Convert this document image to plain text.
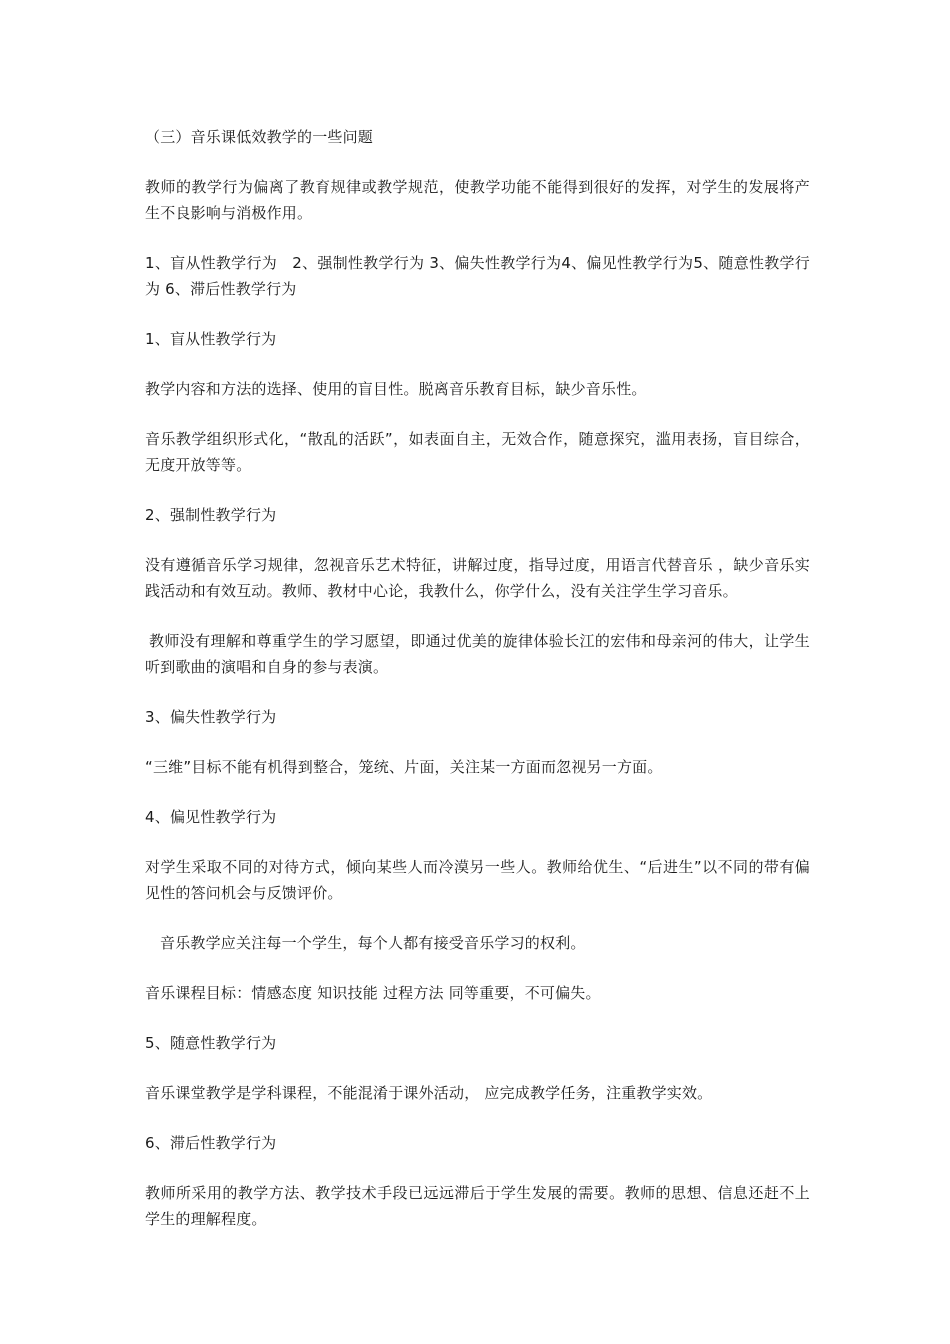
（三）音乐课低效教学的一些问题

教师的教学行为偏离了教育规律或教学规范，使教学功能不能得到很好的发挥，对学生的发展将产生不良影响与消极作用。

1、盲从性教学行为　2、强制性教学行为 3、偏失性教学行为4、偏见性教学行为5、随意性教学行为 6、滞后性教学行为

1、盲从性教学行为

教学内容和方法的选择、使用的盲目性。脱离音乐教育目标，缺少音乐性。

音乐教学组织形式化，“散乱的活跃”，如表面自主，无效合作，随意探究，滥用表扬，盲目综合，无度开放等等。

2、强制性教学行为

没有遵循音乐学习规律，忽视音乐艺术特征，讲解过度，指导过度，用语言代替音乐 ，缺少音乐实践活动和有效互动。教师、教材中心论，我教什么，你学什么，没有关注学生学习音乐。

教师没有理解和尊重学生的学习愿望，即通过优美的旋律体验长江的宏伟和母亲河的伟大，让学生听到歌曲的演唱和自身的参与表演。

3、偏失性教学行为

“三维”目标不能有机得到整合，笼统、片面，关注某一方面而忽视另一方面。

4、偏见性教学行为

对学生采取不同的对待方式，倾向某些人而冷漠另一些人。教师给优生、“后进生”以不同的带有偏见性的答问机会与反馈评价。

音乐教学应关注每一个学生，每个人都有接受音乐学习的权利。

音乐课程目标：情感态度 知识技能 过程方法 同等重要，不可偏失。

5、随意性教学行为

音乐课堂教学是学科课程，不能混淆于课外活动， 应完成教学任务，注重教学实效。

6、滞后性教学行为

教师所采用的教学方法、教学技术手段已远远滞后于学生发展的需要。教师的思想、信息还赶不上学生的理解程度。
